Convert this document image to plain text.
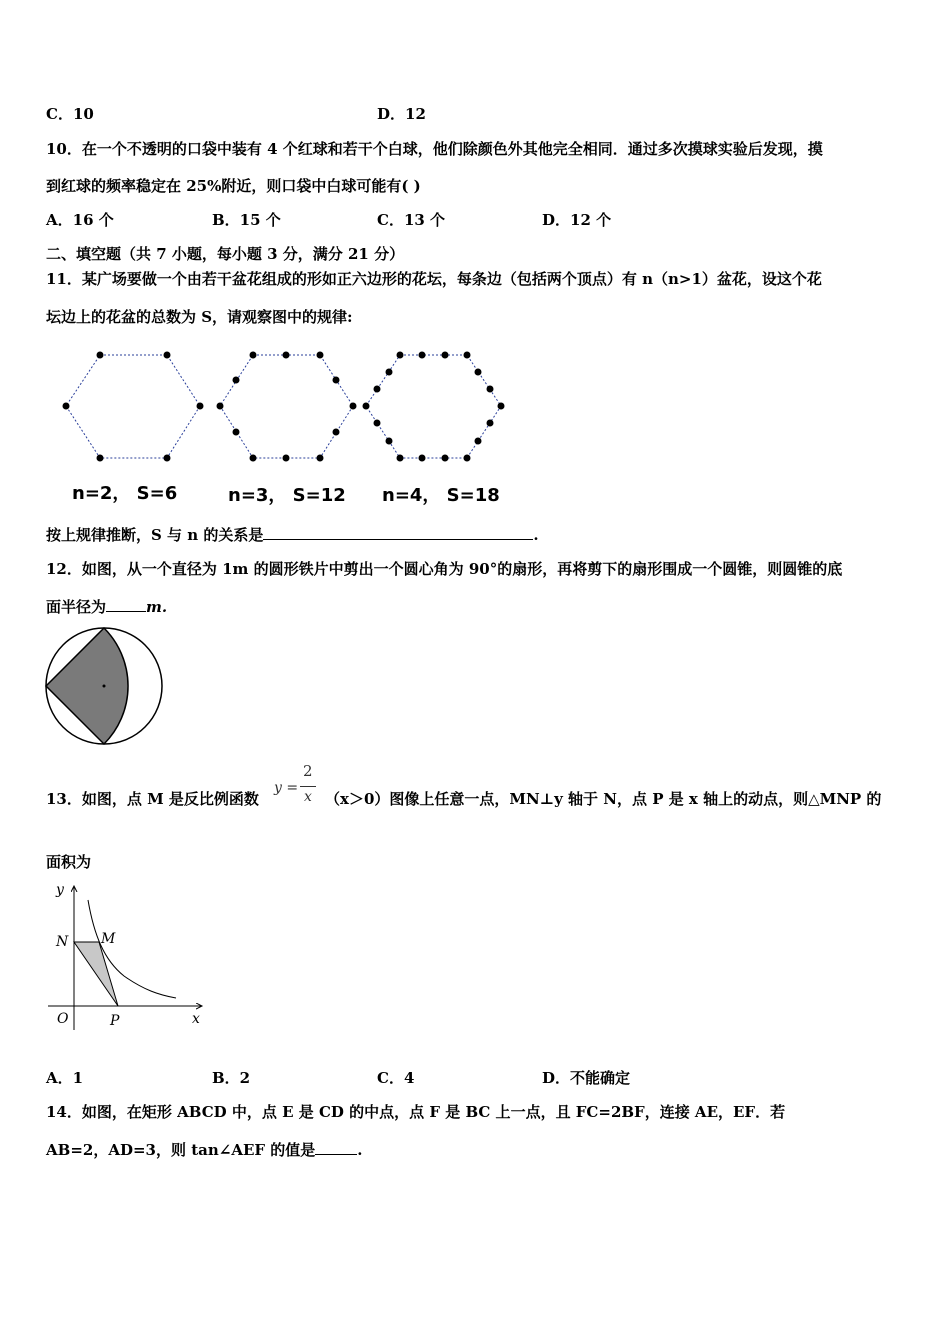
C．10	D．12
10．在一个不透明的口袋中装有 4 个红球和若干个白球，他们除颜色外其他完全相同．通过多次摸球实验后发现，摸
到红球的频率稳定在 25%附近，则口袋中白球可能有( )
A．16 个	B．15 个	C．13 个	D．12 个
二、填空题（共 7 小题，每小题 3 分，满分 21 分）
11．某广场要做一个由若干盆花组成的形如正六边形的花坛，每条边（包括两个顶点）有 n（n>1）盆花，设这个花
坛边上的花盆的总数为 S，请观察图中的规律:
n=2， S=6	n=3， S=12 n=4， S=18
按上规律推断，S 与 n 的关系是	.
12．如图，从一个直径为 1m 的圆形铁片中剪出一个圆心角为 90°的扇形，再将剪下的扇形围成一个圆锥，则圆锥的底
面半径为	m.
13．如图，点 M 是反比例函数
y =
2
x （x＞0）图像上任意一点，MN⊥y 轴于 N，点 P 是 x 轴上的动点，则△MNP 的
面积为
y
x
O
N M
P
A．1	B．2	C．4	D．不能确定
14．如图，在矩形 ABCD 中，点 E 是 CD 的中点，点 F 是 BC 上一点，且 FC=2BF，连接 AE，EF．若
AB=2，AD=3，则 tan∠AEF 的值是	.
